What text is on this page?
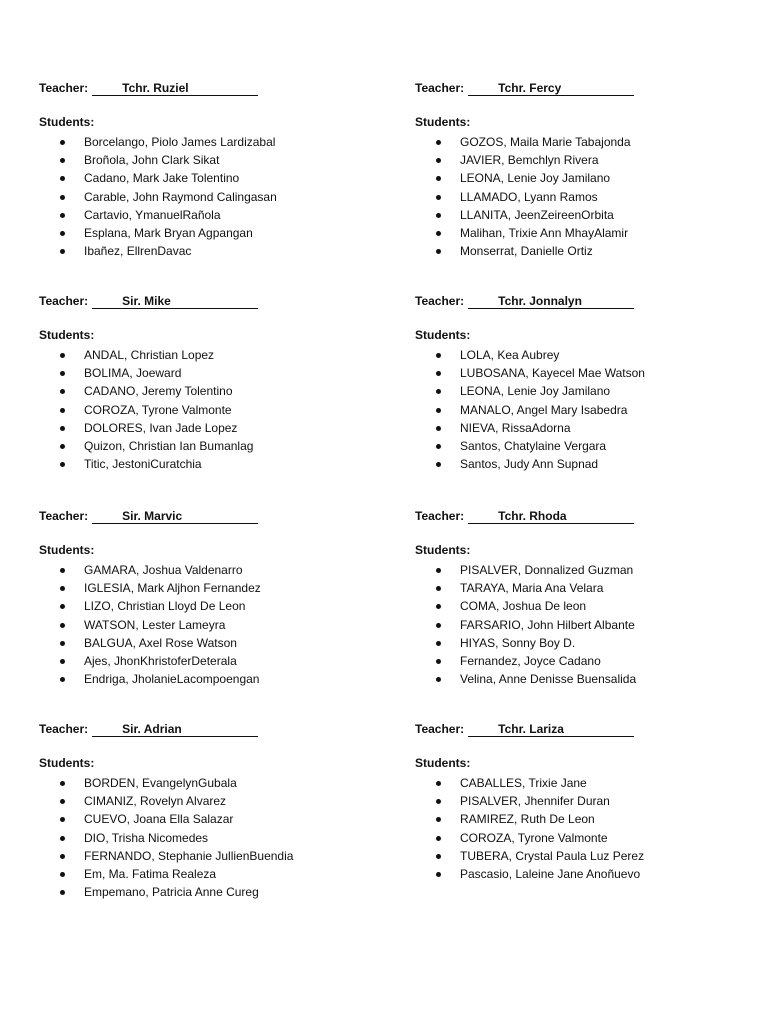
Teacher:	Tchr. Ruziel
Students:
Borcelango, Piolo James Lardizabal
Broñola, John Clark Sikat
Cadano, Mark Jake Tolentino
Carable, John Raymond Calingasan
Cartavio, YmanuelRañola
Esplana, Mark Bryan Agpangan
Ibañez, EllrenDavac
Teacher:	Tchr. Fercy
Students:
GOZOS, Maila Marie Tabajonda
JAVIER, Bemchlyn Rivera
LEONA, Lenie Joy Jamilano
LLAMADO, Lyann Ramos
LLANITA, JeenZeireenOrbita
Malihan, Trixie Ann MhayAlamir
Monserrat, Danielle Ortiz
Teacher:	Sir. Mike
Students:
ANDAL, Christian Lopez
BOLIMA, Joeward
CADANO, Jeremy Tolentino
COROZA, Tyrone Valmonte
DOLORES, Ivan Jade Lopez
Quizon, Christian Ian Bumanlag
Titic, JestoniCuratchia
Teacher:	Tchr. Jonnalyn
Students:
LOLA, Kea Aubrey
LUBOSANA, Kayecel Mae Watson
LEONA, Lenie Joy Jamilano
MANALO, Angel Mary Isabedra
NIEVA, RissaAdorna
Santos, Chatylaine Vergara
Santos, Judy Ann Supnad
Teacher:	Sir. Marvic
Students:
GAMARA, Joshua Valdenarro
IGLESIA, Mark Aljhon Fernandez
LIZO, Christian Lloyd De Leon
WATSON, Lester Lameyra
BALGUA, Axel Rose Watson
Ajes, JhonKhristoferDeterala
Endriga, JholanieLacompoengan
Teacher:	Tchr. Rhoda
Students:
PISALVER, Donnalized Guzman
TARAYA, Maria Ana Velara
COMA, Joshua De leon
FARSARIO, John Hilbert Albante
HIYAS, Sonny Boy D.
Fernandez, Joyce Cadano
Velina, Anne Denisse Buensalida
Teacher:	Sir. Adrian
Students:
BORDEN, EvangelynGubala
CIMANIZ, Rovelyn Alvarez
CUEVO, Joana Ella Salazar
DIO, Trisha Nicomedes
FERNANDO, Stephanie JullienBuendia
Em, Ma. Fatima Realeza
Empemano, Patricia Anne Cureg
Teacher:	Tchr. Lariza
Students:
CABALLES, Trixie Jane
PISALVER, Jhennifer Duran
RAMIREZ, Ruth De Leon
COROZA, Tyrone Valmonte
TUBERA, Crystal Paula Luz Perez
Pascasio, Laleine Jane Anoñuevo
